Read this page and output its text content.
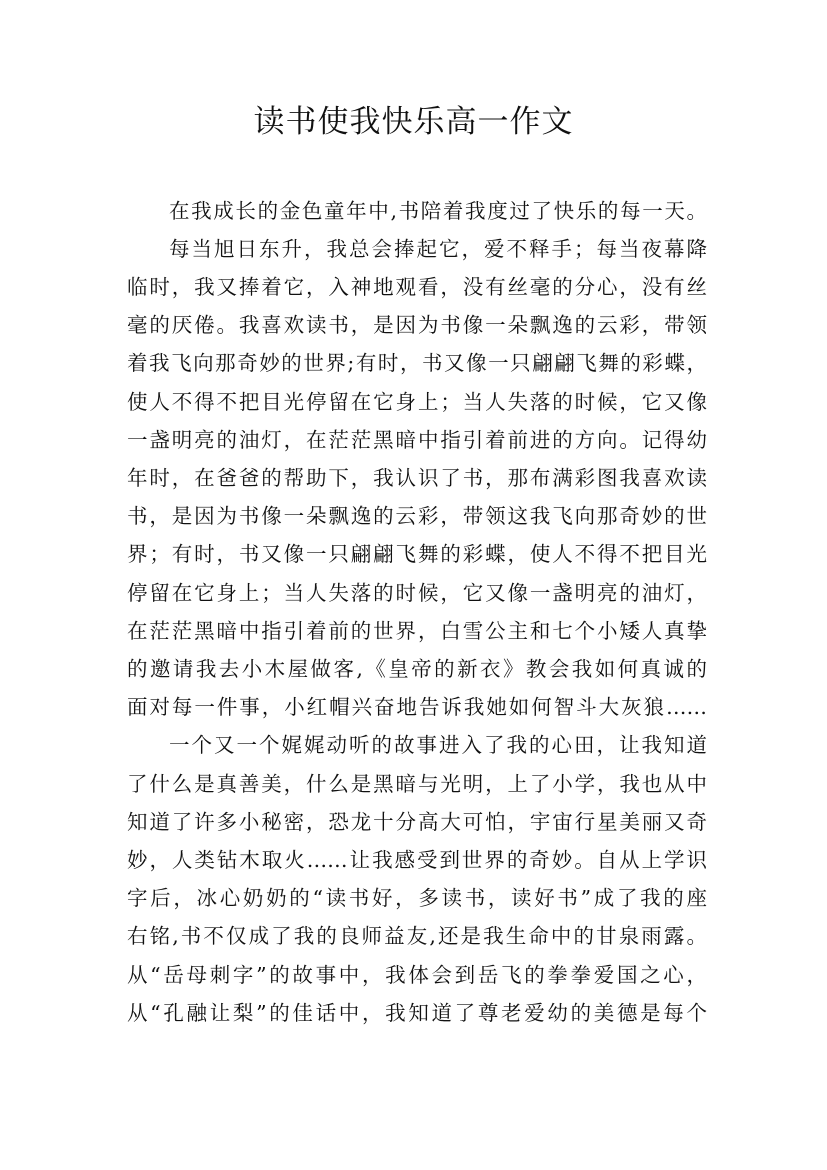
读书使我快乐高一作文
在我成长的金色童年中,书陪着我度过了快乐的每一天。
每当旭日东升，我总会捧起它，爱不释手；每当夜幕降
临时，我又捧着它，入神地观看，没有丝毫的分心，没有丝
毫的厌倦。我喜欢读书，是因为书像一朵飘逸的云彩，带领
着我飞向那奇妙的世界;有时，书又像一只翩翩飞舞的彩蝶，
使人不得不把目光停留在它身上；当人失落的时候，它又像
一盏明亮的油灯，在茫茫黑暗中指引着前进的方向。记得幼
年时，在爸爸的帮助下，我认识了书，那布满彩图我喜欢读
书，是因为书像一朵飘逸的云彩，带领这我飞向那奇妙的世
界；有时，书又像一只翩翩飞舞的彩蝶，使人不得不把目光
停留在它身上；当人失落的时候，它又像一盏明亮的油灯，
在茫茫黑暗中指引着前的世界，白雪公主和七个小矮人真挚
的邀请我去小木屋做客,《皇帝的新衣》教会我如何真诚的
面对每一件事，小红帽兴奋地告诉我她如何智斗大灰狼……
一个又一个娓娓动听的故事进入了我的心田，让我知道
了什么是真善美，什么是黑暗与光明，上了小学，我也从中
知道了许多小秘密，恐龙十分高大可怕，宇宙行星美丽又奇
妙，人类钻木取火……让我感受到世界的奇妙。自从上学识
字后，冰心奶奶的“读书好，多读书，读好书”成了我的座
右铭,书不仅成了我的良师益友,还是我生命中的甘泉雨露。
从“岳母刺字”的故事中，我体会到岳飞的拳拳爱国之心，
从“孔融让梨”的佳话中，我知道了尊老爱幼的美德是每个
